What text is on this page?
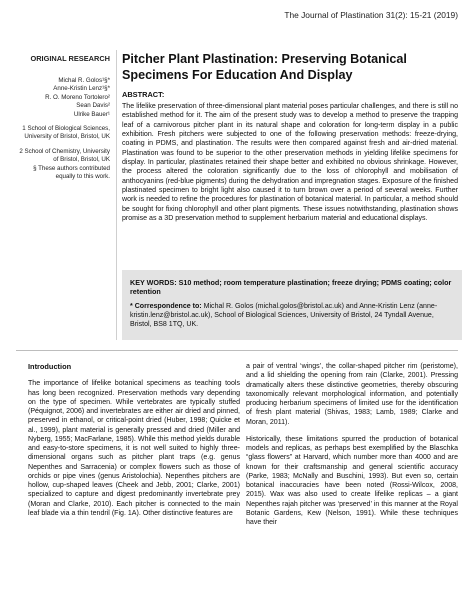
The Journal of Plastination 31(2): 15-21 (2019)
ORIGINAL RESEARCH
Michal R. Golos¹§*
Anne-Kristin Lenz¹§*
R. O. Moreno Tortolero²
Sean Davis²
Ulrike Bauer¹
1 School of Biological Sciences, University of Bristol, Bristol, UK
2 School of Chemistry, University of Bristol, Bristol, UK
§ These authors contributed equally to this work.
Pitcher Plant Plastination: Preserving Botanical Specimens For Education And Display

ABSTRACT:

The lifelike preservation of three-dimensional plant material poses particular challenges, and there is still no established method for it. The aim of the present study was to develop a method to preserve the trapping leaf of a carnivorous pitcher plant in its natural shape and coloration for long-term display in a public exhibition. Fresh pitchers were subjected to one of the following preservation methods: freeze-drying, coating in PDMS, and plastination. The results were then compared against fresh and air-dried material. Plastination was found to be superior to the other preservation methods in yielding lifelike specimens for display. In particular, plastinates retained their shape better and exhibited no obvious shrinkage. However, the process altered the coloration significantly due to the loss of chlorophyll and mobilisation of anthocyanins (red-blue pigments) during the dehydration and impregnation stages. Exposure of the finished plastinated specimen to bright light also caused it to turn brown over a period of several weeks. Further work is needed to refine the procedures for plastination of botanical material. In particular, a method should be sought for fixing chlorophyll and other plant pigments. These issues notwithstanding, plastination shows promise as a 3D preservation method to supplement herbarium material and educational displays.

KEY WORDS: S10 method; room temperature plastination; freeze drying; PDMS coating; color retention

* Correspondence to: Michal R. Golos (michal.golos@bristol.ac.uk) and Anne-Kristin Lenz (anne-kristin.lenz@bristol.ac.uk), School of Biological Sciences, University of Bristol, 24 Tyndall Avenue, Bristol, BS8 1TQ, UK.

Introduction

The importance of lifelike botanical specimens as teaching tools has long been recognized. Preservation methods vary depending on the type of specimen. While vertebrates are typically stuffed (Péquignot, 2006) and invertebrates are either air dried and pinned, preserved in ethanol, or critical-point dried (Huber, 1998; Quicke et al., 1999), plant material is generally pressed and dried (Miller and Nyberg, 1955; MacFarlane, 1985). While this method yields durable and easy-to-store specimens, it is not well suited to highly three-dimensional organs such as pitcher plant traps (e.g. genus Nepenthes and Sarracenia) or complex flowers such as those of orchids or pipe vines (genus Aristolochia). Nepenthes pitchers are hollow, cup-shaped leaves (Cheek and Jebb, 2001; Clarke, 2001) specialized to capture and digest predominantly invertebrate prey (Moran and Clarke, 2010). Each pitcher is connected to the main leaf blade via a thin tendril (Fig. 1A). Other distinctive features are

a pair of ventral ‘wings’, the collar-shaped pitcher rim (peristome), and a lid shielding the opening from rain (Clarke, 2001). Pressing dramatically alters these distinctive geometries, thereby obscuring taxonomically relevant morphological information, and potentially producing herbarium specimens of limited use for the identification of fresh plant material (Shivas, 1983; Lamb, 1989; Clarke and Moran, 2011).

Historically, these limitations spurred the production of botanical models and replicas, as perhaps best exemplified by the Blaschka “glass flowers” at Harvard, which number more than 4000 and are known for their craftsmanship and general scientific accuracy (Parke, 1983; McNally and Buschini, 1993). But even so, certain botanical inaccuracies have been noted (Rossi-Wilcox, 2008, 2015). Wax was also used to create lifelike replicas – a giant Nepenthes rajah pitcher was ‘preserved’ in this manner at the Royal Botanic Gardens, Kew (Nelson, 1991). While these techniques have their
